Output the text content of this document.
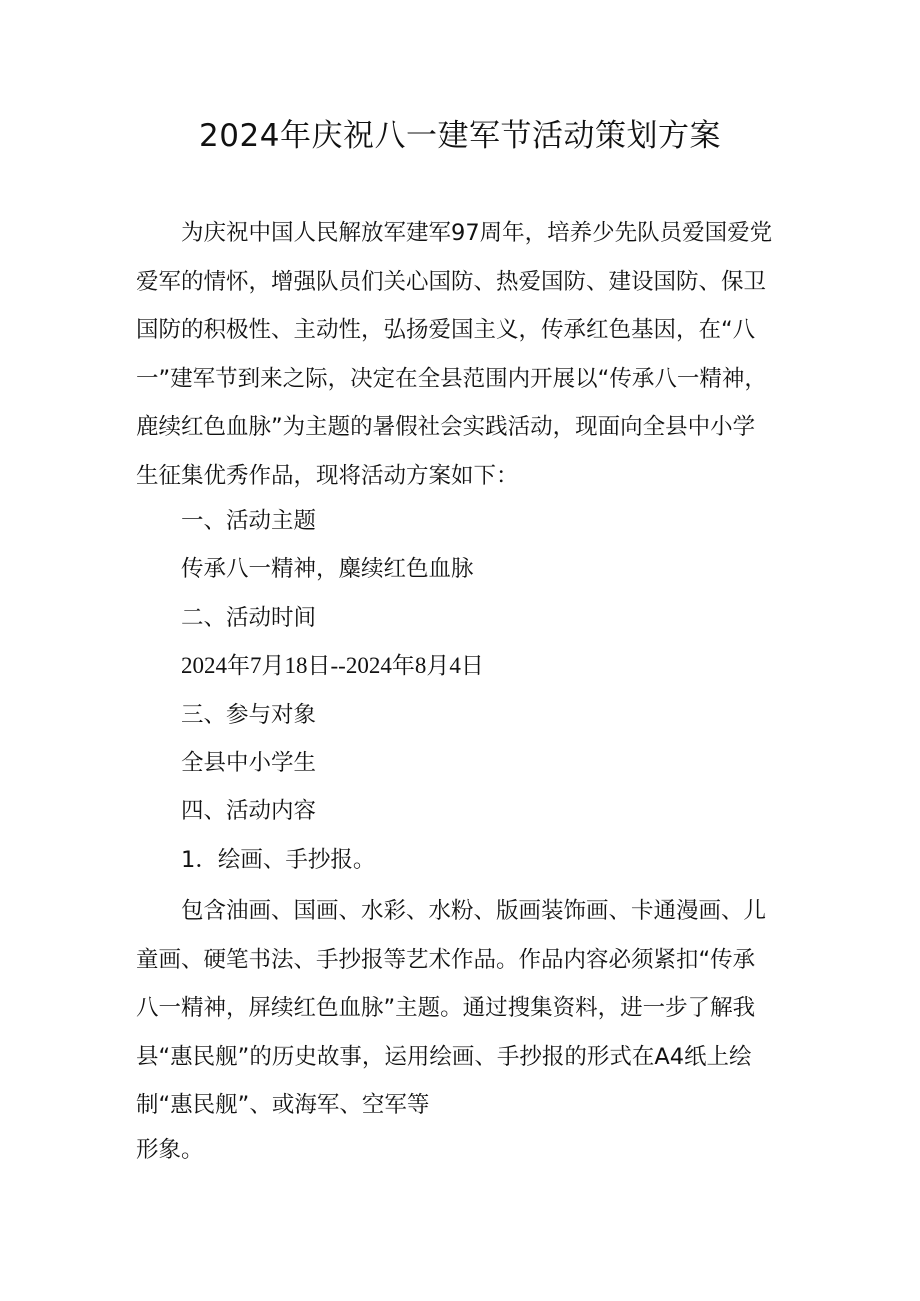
2024年庆祝八一建军节活动策划方案
为庆祝中国人民解放军建军97周年，培养少先队员爱国爱党
爱军的情怀，增强队员们关心国防、热爱国防、建设国防、保卫
国防的积极性、主动性，弘扬爱国主义，传承红色基因，在“八
一”建军节到来之际，决定在全县范围内开展以“传承八一精神，
鹿续红色血脉”为主题的暑假社会实践活动，现面向全县中小学
生征集优秀作品，现将活动方案如下：
一、活动主题
传承八一精神，麋续红色血脉
二、活动时间
2024年7月18日--2024年8月4日
三、参与对象
全县中小学生
四、活动内容
1．绘画、手抄报。
包含油画、国画、水彩、水粉、版画装饰画、卡通漫画、儿
童画、硬笔书法、手抄报等艺术作品。作品内容必须紧扣“传承
八一精神，屏续红色血脉”主题。通过搜集资料，进一步了解我
县“惠民舰”的历史故事，运用绘画、手抄报的形式在A4纸上绘
制“惠民舰”、或海军、空军等
形象。
